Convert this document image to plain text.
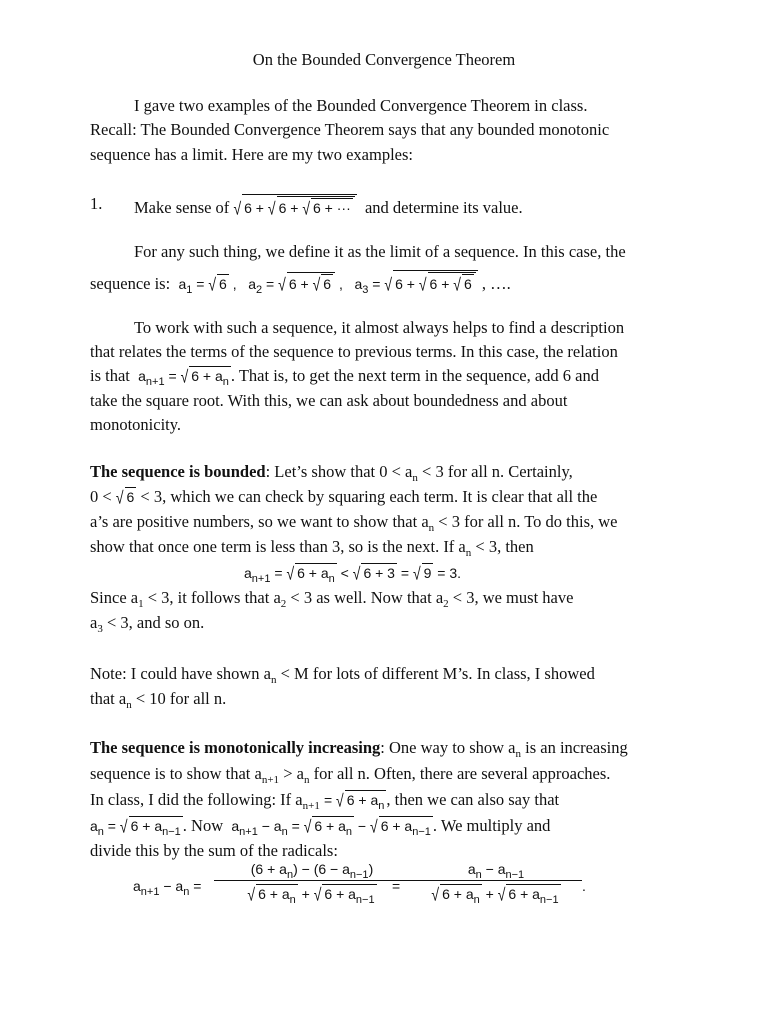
On the Bounded Convergence Theorem
I gave two examples of the Bounded Convergence Theorem in class.
Recall: The Bounded Convergence Theorem says that any bounded monotonic
sequence has a limit. Here are my two examples:
1. Make sense of √ 6 + √ 6 + √ 6 + ··· and determine its value.
For any such thing, we define it as the limit of a sequence. In this case, the
sequence is: $a_1$ = √ 6 ,   $a_2$ = √ 6 + √ 6 ,   $a_3$ = √ 6 + √ 6 + √ 6 , ….
To work with such a sequence, it almost always helps to find a description
that relates the terms of the sequence to previous terms. In this case, the relation
is that $a_{n+1}$ = √ $6 + a_n$ . That is, to get the next term in the sequence, add 6 and
take the square root. With this, we can ask about boundedness and about
monotonicity.
The sequence is bounded: Let’s show that $0 < a_n < 3$ for all n. Certainly,
0 < √ 6 < 3, which we can check by squaring each term. It is clear that all the
a’s are positive numbers, so we want to show that $a_n < 3$ for all n. To do this, we
show that once one term is less than 3, so is the next. If $a_n < 3$, then
$a_{n+1}$ = √ $6 + a_n$ < √ 6 + 3 = √ 9 = 3.
Since $a_1 < 3$, it follows that $a_2 < 3$ as well. Now that $a_2 < 3$, we must have
$a_3 < 3$, and so on.
Note: I could have shown $a_n < M$ for lots of different M’s. In class, I showed
that $a_n < 10$ for all n.
The sequence is monotonically increasing: One way to show $a_n$ is an increasing
sequence is to show that $a_{n+1} > a_n$ for all n. Often, there are several approaches.
In class, I did the following: If $a_{n+1}$ = √ $6 + a_n$ , then we can also say that
$a_n$ = √ $6 + a_{n-1}$ . Now $a_{n+1} - a_n$ = √ $6 + a_n$ − √ $6 + a_{n-1}$ . We multiply and
divide this by the sum of the radicals:
$a_{n+1} - a_n$ =
$(6 + a_n) - (6 - a_{n-1})$
√ $6 + a_n$ + √ $6 + a_{n-1}$
=
$a_n - a_{n-1}$
√ $6 + a_n$ + √ $6 + a_{n-1}$
.
